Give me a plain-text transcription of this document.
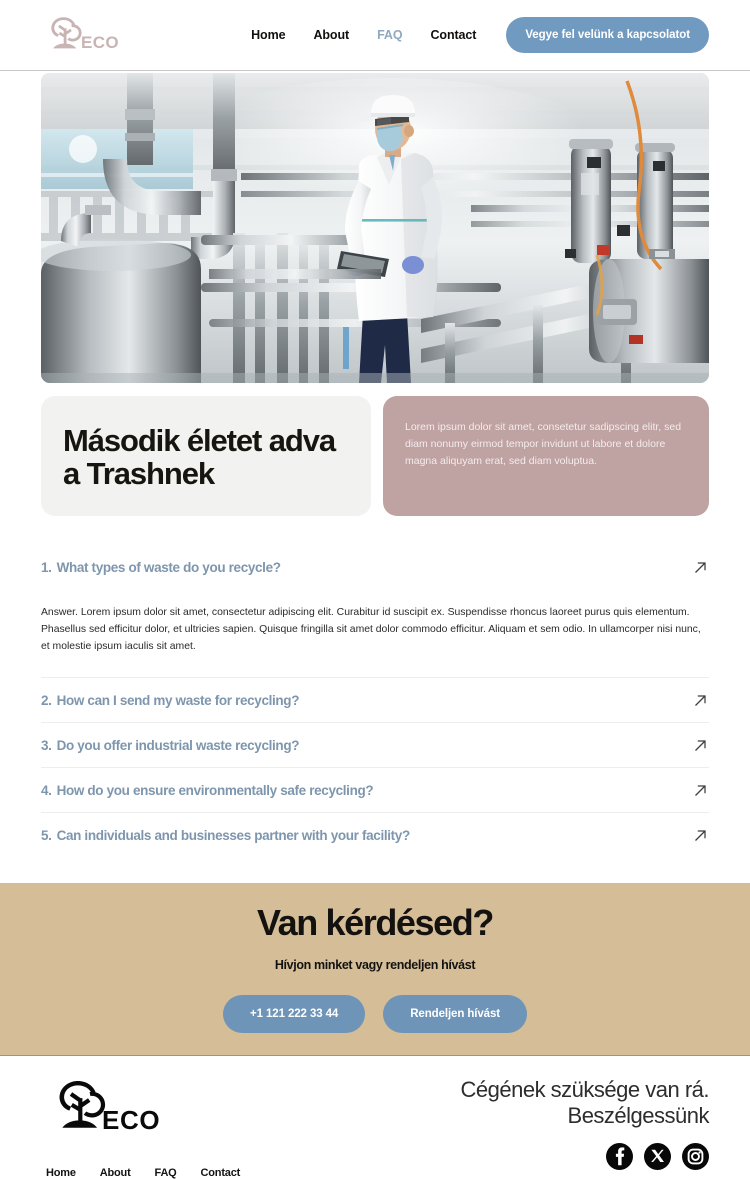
ECO	Home	About	FAQ	Contact	Vegye fel velünk a kapcsolatot
Második életet adva a Trashnek

Lorem ipsum dolor sit amet, consetetur sadipscing elitr, sed diam nonumy eirmod tempor invidunt ut labore et dolore magna aliquyam erat, sed diam voluptua.

1. What types of waste do you recycle?
Answer. Lorem ipsum dolor sit amet, consectetur adipiscing elit. Curabitur id suscipit ex. Suspendisse rhoncus laoreet purus quis elementum. Phasellus sed efficitur dolor, et ultricies sapien. Quisque fringilla sit amet dolor commodo efficitur. Aliquam et sem odio. In ullamcorper nisi nunc, et molestie ipsum iaculis sit amet.
2. How can I send my waste for recycling?
3. Do you offer industrial waste recycling?
4. How do you ensure environmentally safe recycling?
5. Can individuals and businesses partner with your facility?
Van kérdésed?

Hívjon minket vagy rendeljen hívást

+1 121 222 33 44	Rendeljen hívást
ECO
Home About FAQ Contact

Cégének szüksége van rá. Beszélgessünk
